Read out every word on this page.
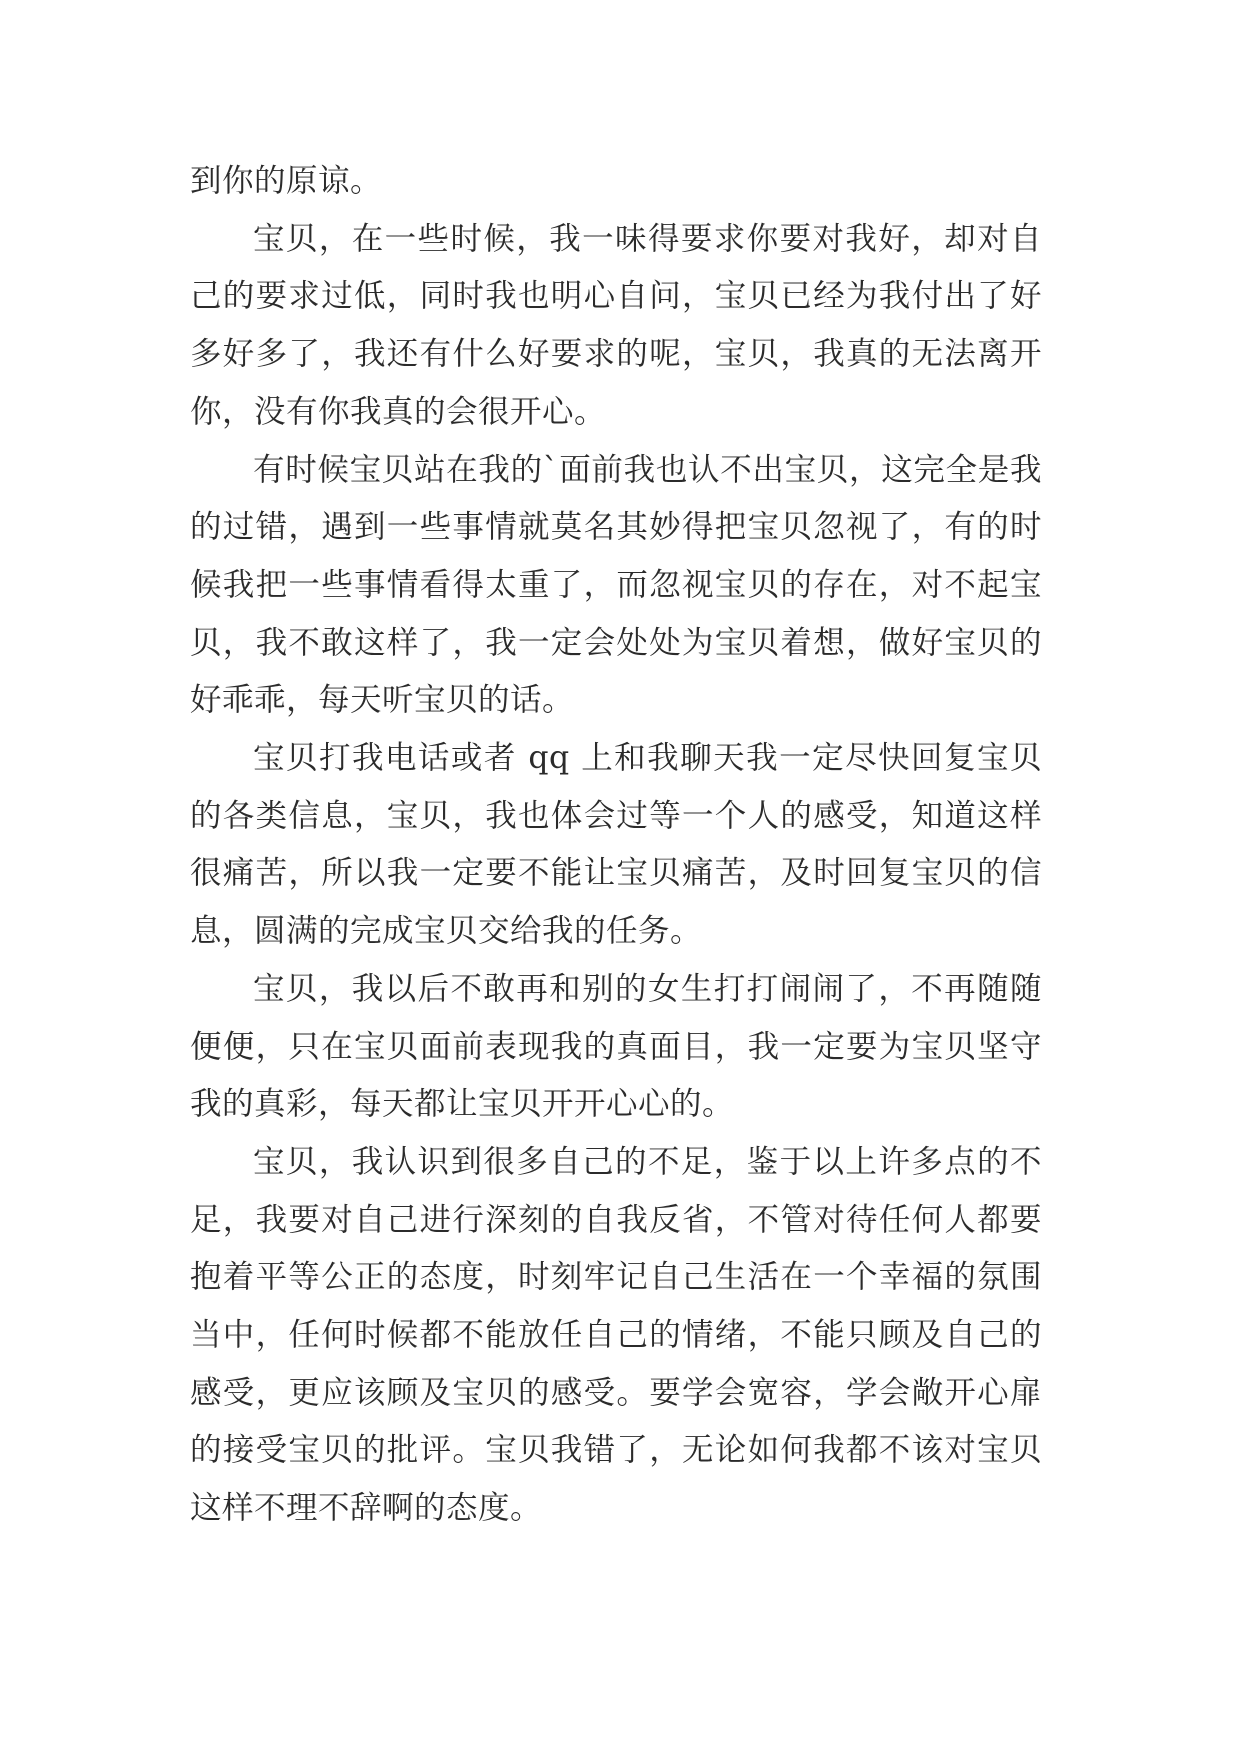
到你的原谅。

宝贝，在一些时候，我一味得要求你要对我好，却对自己的要求过低，同时我也明心自问，宝贝已经为我付出了好多好多了，我还有什么好要求的呢，宝贝，我真的无法离开你，没有你我真的会很开心。

有时候宝贝站在我的`面前我也认不出宝贝，这完全是我的过错，遇到一些事情就莫名其妙得把宝贝忽视了，有的时候我把一些事情看得太重了，而忽视宝贝的存在，对不起宝贝，我不敢这样了，我一定会处处为宝贝着想，做好宝贝的好乖乖，每天听宝贝的话。

宝贝打我电话或者 qq 上和我聊天我一定尽快回复宝贝的各类信息，宝贝，我也体会过等一个人的感受，知道这样很痛苦，所以我一定要不能让宝贝痛苦，及时回复宝贝的信息，圆满的完成宝贝交给我的任务。

宝贝，我以后不敢再和别的女生打打闹闹了，不再随随便便，只在宝贝面前表现我的真面目，我一定要为宝贝坚守我的真彩，每天都让宝贝开开心心的。

宝贝，我认识到很多自己的不足，鉴于以上许多点的不足，我要对自己进行深刻的自我反省，不管对待任何人都要抱着平等公正的态度，时刻牢记自己生活在一个幸福的氛围当中，任何时候都不能放任自己的情绪，不能只顾及自己的感受，更应该顾及宝贝的感受。要学会宽容，学会敞开心扉的接受宝贝的批评。宝贝我错了，无论如何我都不该对宝贝这样不理不辞啊的态度。
